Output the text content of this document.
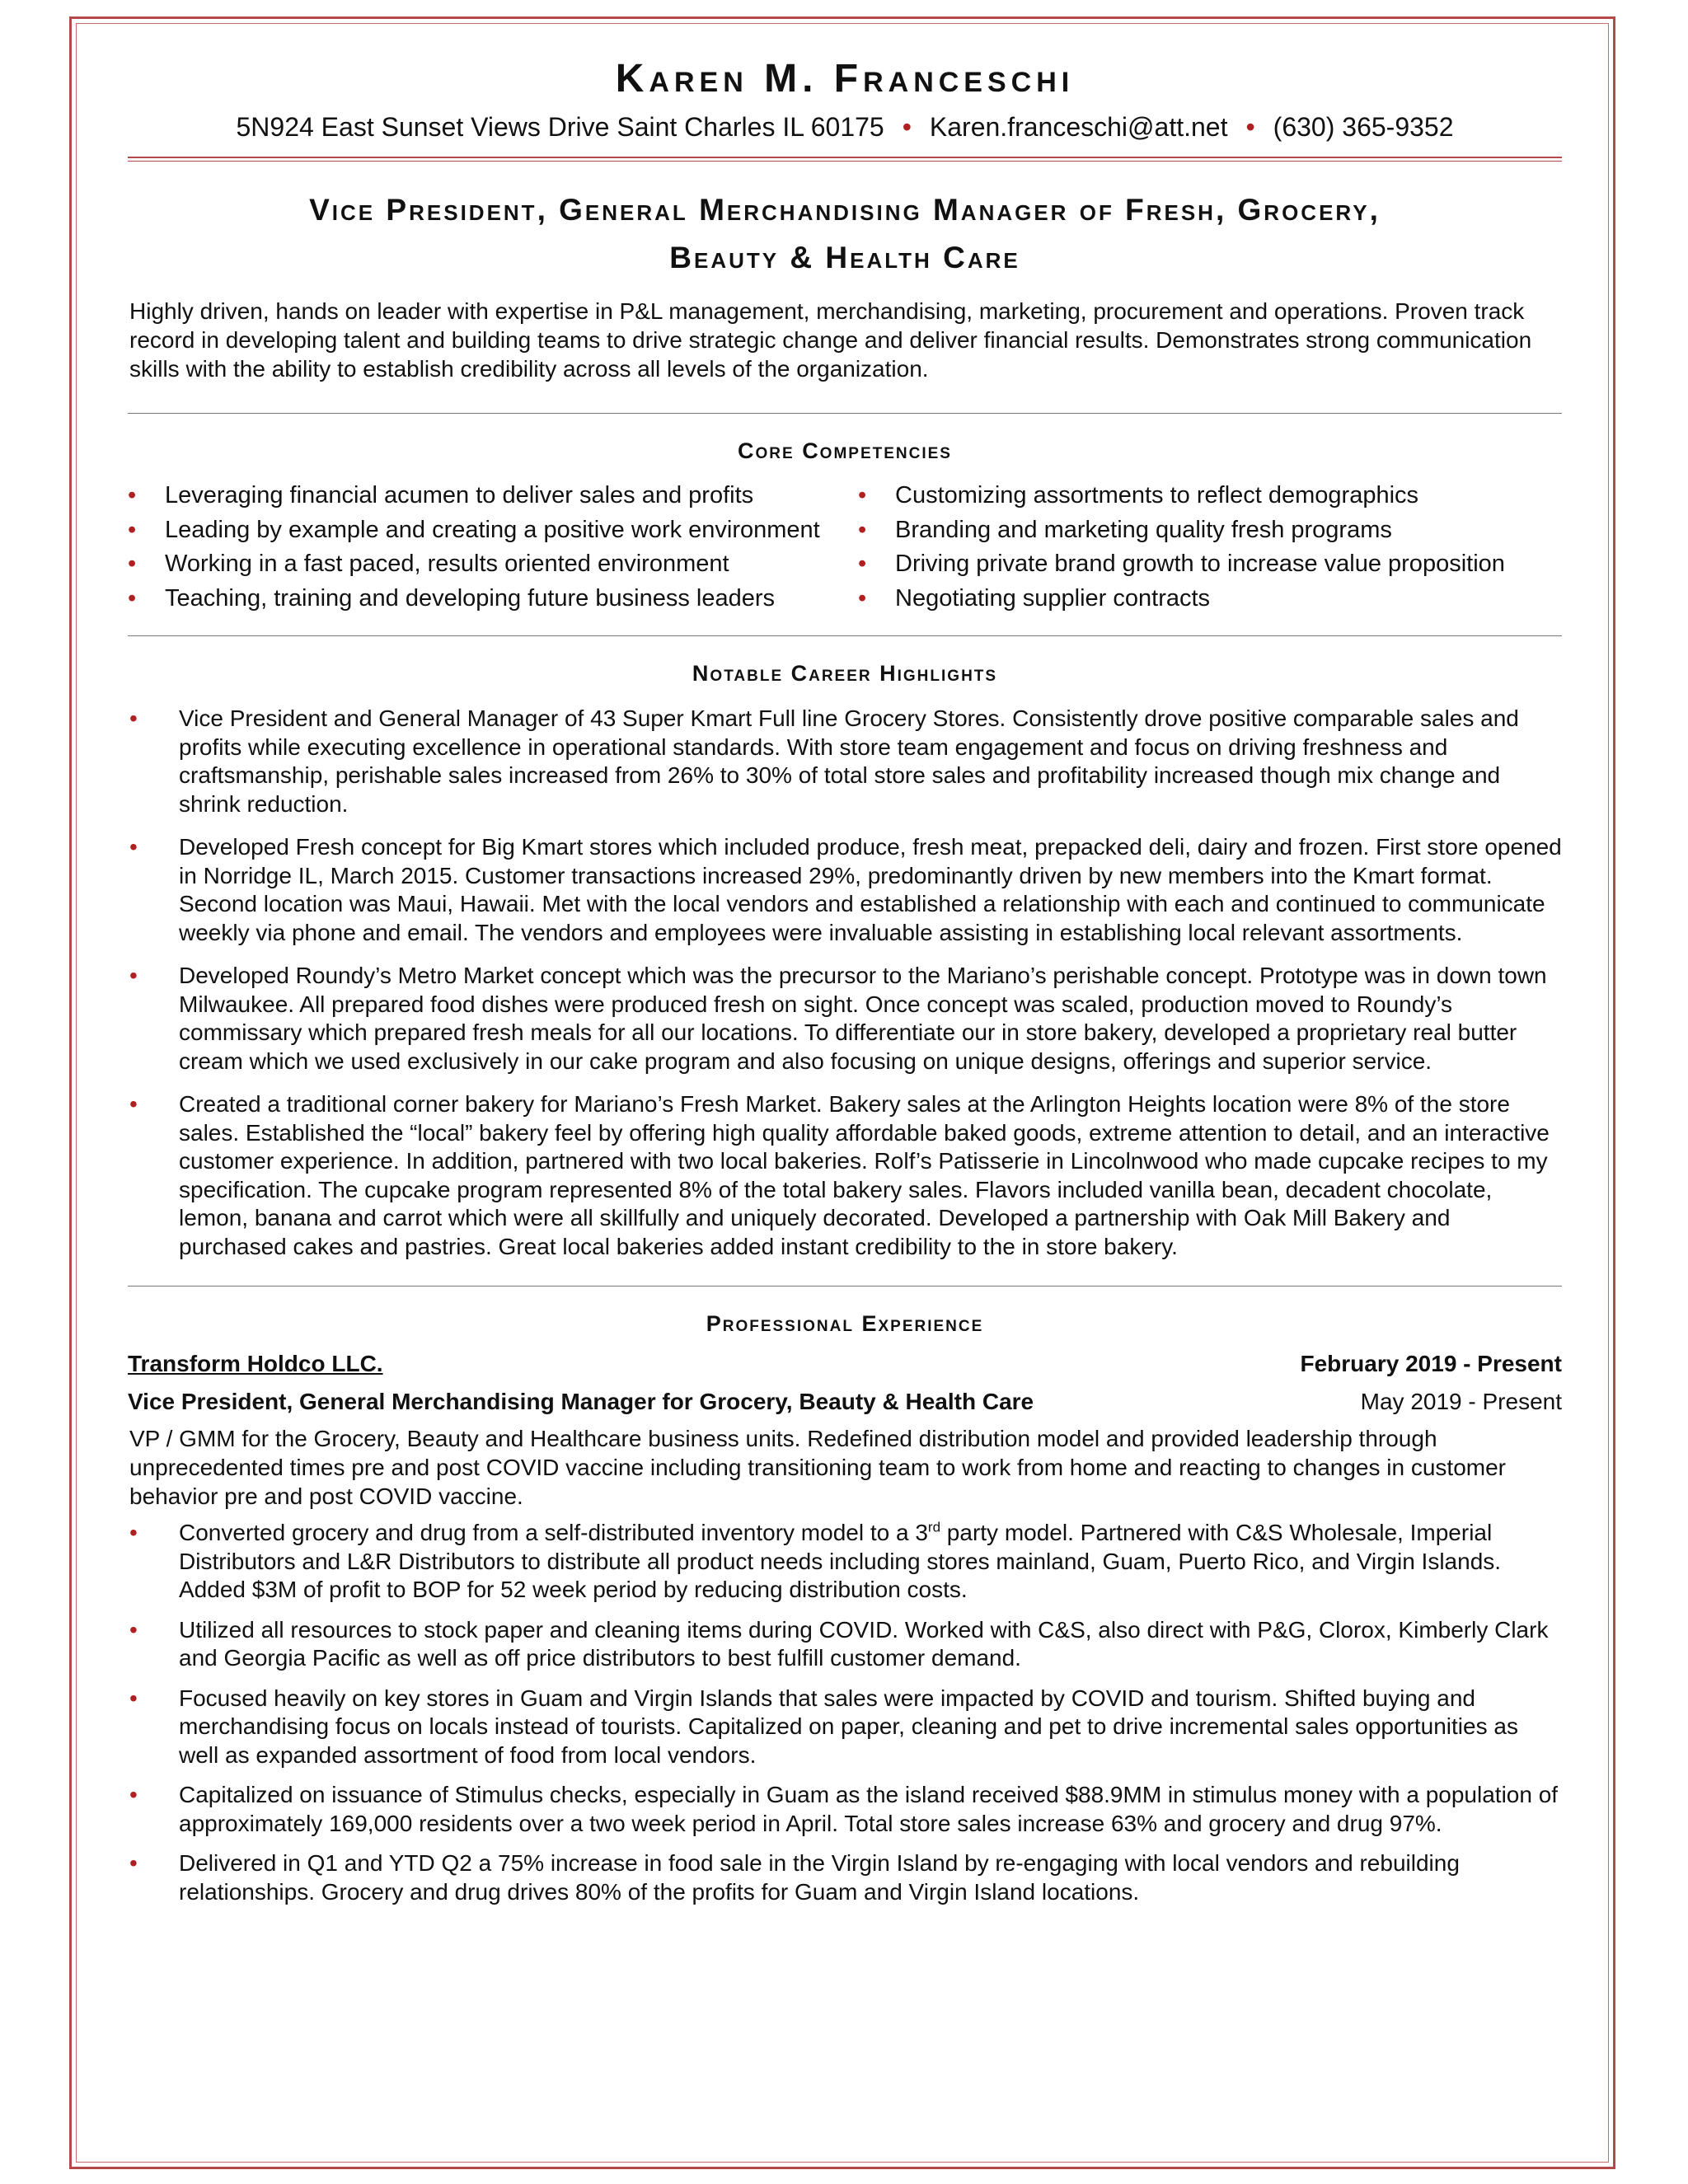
Karen M. Franceschi
5N924 East Sunset Views Drive Saint Charles IL 60175 • Karen.franceschi@att.net • (630) 365-9352
Vice President, General Merchandising Manager of Fresh, Grocery,
Beauty & Health Care

Highly driven, hands on leader with expertise in P&L management, merchandising, marketing, procurement and operations. Proven track record in developing talent and building teams to drive strategic change and deliver financial results. Demonstrates strong communication skills with the ability to establish credibility across all levels of the organization.

Core Competencies
• Leveraging financial acumen to deliver sales and profits	• Customizing assortments to reflect demographics
• Leading by example and creating a positive work environment	• Branding and marketing quality fresh programs
• Working in a fast paced, results oriented environment	• Driving private brand growth to increase value proposition
• Teaching, training and developing future business leaders	• Negotiating supplier contracts
Notable Career Highlights
• Vice President and General Manager of 43 Super Kmart Full line Grocery Stores. Consistently drove positive comparable sales and profits while executing excellence in operational standards. With store team engagement and focus on driving freshness and craftsmanship, perishable sales increased from 26% to 30% of total store sales and profitability increased though mix change and shrink reduction.
• Developed Fresh concept for Big Kmart stores which included produce, fresh meat, prepacked deli, dairy and frozen. First store opened in Norridge IL, March 2015. Customer transactions increased 29%, predominantly driven by new members into the Kmart format. Second location was Maui, Hawaii. Met with the local vendors and established a relationship with each and continued to communicate weekly via phone and email. The vendors and employees were invaluable assisting in establishing local relevant assortments.
• Developed Roundy’s Metro Market concept which was the precursor to the Mariano’s perishable concept. Prototype was in down town Milwaukee. All prepared food dishes were produced fresh on sight. Once concept was scaled, production moved to Roundy’s commissary which prepared fresh meals for all our locations. To differentiate our in store bakery, developed a proprietary real butter cream which we used exclusively in our cake program and also focusing on unique designs, offerings and superior service.
• Created a traditional corner bakery for Mariano’s Fresh Market. Bakery sales at the Arlington Heights location were 8% of the store sales. Established the “local” bakery feel by offering high quality affordable baked goods, extreme attention to detail, and an interactive customer experience. In addition, partnered with two local bakeries. Rolf’s Patisserie in Lincolnwood who made cupcake recipes to my specification. The cupcake program represented 8% of the total bakery sales. Flavors included vanilla bean, decadent chocolate, lemon, banana and carrot which were all skillfully and uniquely decorated. Developed a partnership with Oak Mill Bakery and purchased cakes and pastries. Great local bakeries added instant credibility to the in store bakery.
Professional Experience
Transform Holdco LLC.	February 2019 - Present
Vice President, General Merchandising Manager for Grocery, Beauty & Health Care	May 2019 - Present

VP / GMM for the Grocery, Beauty and Healthcare business units. Redefined distribution model and provided leadership through unprecedented times pre and post COVID vaccine including transitioning team to work from home and reacting to changes in customer behavior pre and post COVID vaccine.

• Converted grocery and drug from a self-distributed inventory model to a 3rd party model. Partnered with C&S Wholesale, Imperial Distributors and L&R Distributors to distribute all product needs including stores mainland, Guam, Puerto Rico, and Virgin Islands. Added $3M of profit to BOP for 52 week period by reducing distribution costs.
• Utilized all resources to stock paper and cleaning items during COVID. Worked with C&S, also direct with P&G, Clorox, Kimberly Clark and Georgia Pacific as well as off price distributors to best fulfill customer demand.
• Focused heavily on key stores in Guam and Virgin Islands that sales were impacted by COVID and tourism. Shifted buying and merchandising focus on locals instead of tourists. Capitalized on paper, cleaning and pet to drive incremental sales opportunities as well as expanded assortment of food from local vendors.
• Capitalized on issuance of Stimulus checks, especially in Guam as the island received $88.9MM in stimulus money with a population of approximately 169,000 residents over a two week period in April. Total store sales increase 63% and grocery and drug 97%.
• Delivered in Q1 and YTD Q2 a 75% increase in food sale in the Virgin Island by re-engaging with local vendors and rebuilding relationships. Grocery and drug drives 80% of the profits for Guam and Virgin Island locations.
